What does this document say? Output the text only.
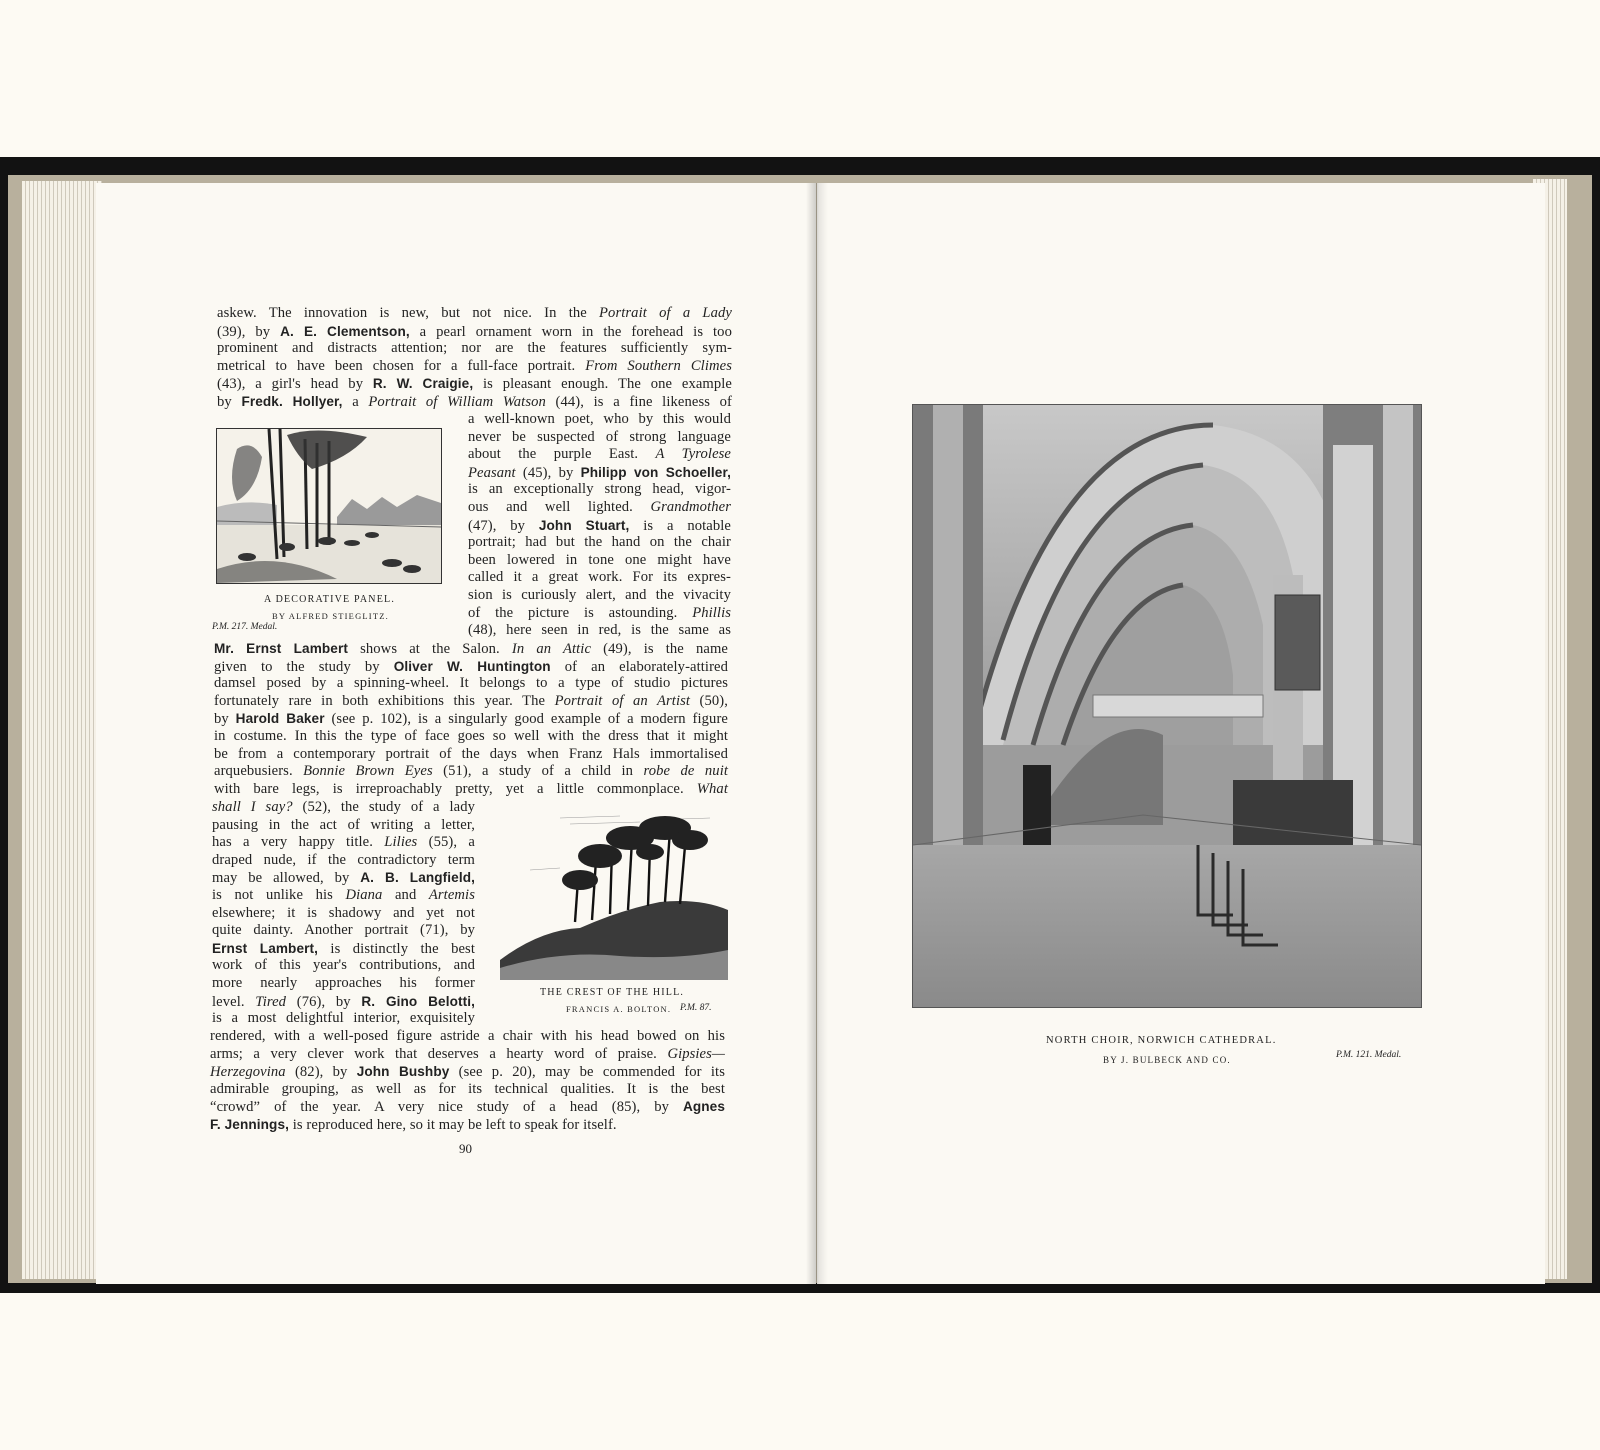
askew. The innovation is new, but not nice. In the Portrait of a Lady
(39), by A. E. Clementson, a pearl ornament worn in the forehead is too
prominent and distracts attention; nor are the features sufficiently sym-
metrical to have been chosen for a full-face portrait. From Southern Climes
(43), a girl's head by R. W. Craigie, is pleasant enough. The one example
by Fredk. Hollyer, a Portrait of William Watson (44), is a fine likeness of
a well-known poet, who by this would
never be suspected of strong language
about the purple East. A Tyrolese
Peasant (45), by Philipp von Schoeller,
is an exceptionally strong head, vigor-
ous and well lighted. Grandmother
(47), by John Stuart, is a notable
portrait; had but the hand on the chair
been lowered in tone one might have
called it a great work. For its expres-
sion is curiously alert, and the vivacity
of the picture is astounding. Phillis
(48), here seen in red, is the same as
Mr. Ernst Lambert shows at the Salon. In an Attic (49), is the name
given to the study by Oliver W. Huntington of an elaborately-attired
damsel posed by a spinning-wheel. It belongs to a type of studio pictures
fortunately rare in both exhibitions this year. The Portrait of an Artist (50),
by Harold Baker (see p. 102), is a singularly good example of a modern figure
in costume. In this the type of face goes so well with the dress that it might
be from a contemporary portrait of the days when Franz Hals immortalised
arquebusiers. Bonnie Brown Eyes (51), a study of a child in robe de nuit
with bare legs, is irreproachably pretty, yet a little commonplace. What
shall I say? (52), the study of a lady
pausing in the act of writing a letter,
has a very happy title. Lilies (55), a
draped nude, if the contradictory term
may be allowed, by A. B. Langfield,
is not unlike his Diana and Artemis
elsewhere; it is shadowy and yet not
quite dainty. Another portrait (71), by
Ernst Lambert, is distinctly the best
work of this year's contributions, and
more nearly approaches his former
level. Tired (76), by R. Gino Belotti,
is a most delightful interior, exquisitely
rendered, with a well-posed figure astride a chair with his head bowed on his
arms; a very clever work that deserves a hearty word of praise. Gipsies—
Herzegovina (82), by John Bushby (see p. 20), may be commended for its
admirable grouping, as well as for its technical qualities. It is the best
“crowd” of the year. A very nice study of a head (85), by Agnes
F. Jennings, is reproduced here, so it may be left to speak for itself.
A DECORATIVE PANEL.
BY ALFRED STIEGLITZ.
P.M. 217. Medal.
THE CREST OF THE HILL.
FRANCIS A. BOLTON. P.M. 87.
90
NORTH CHOIR, NORWICH CATHEDRAL.
BY J. BULBECK AND CO.	P.M. 121. Medal.
